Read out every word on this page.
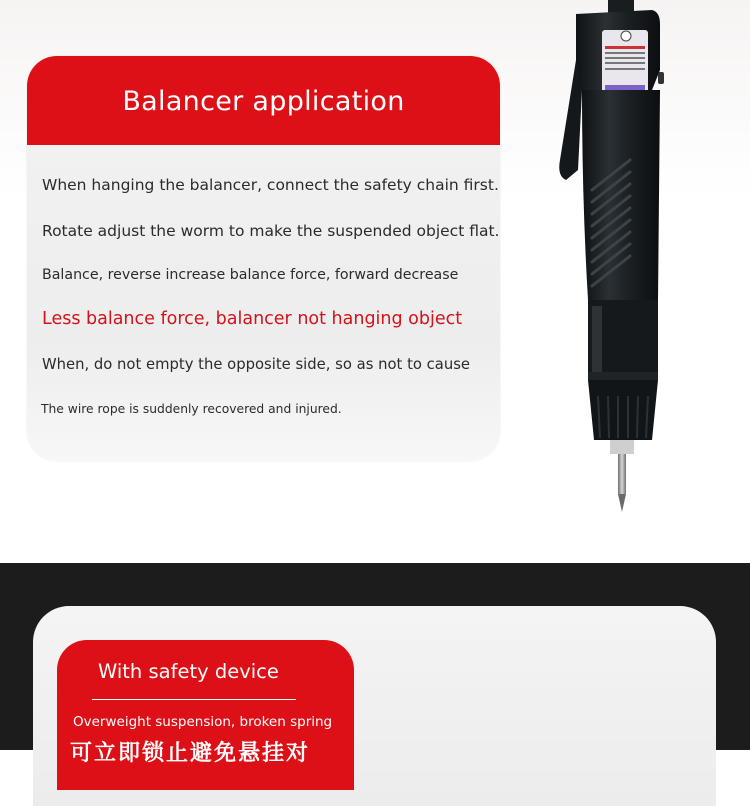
Balancer application
When hanging the balancer, connect the safety chain first.
Rotate adjust the worm to make the suspended object flat.
Balance, reverse increase balance force, forward decrease
Less balance force, balancer not hanging object
When, do not empty the opposite side, so as not to cause
The wire rope is suddenly recovered and injured.
With safety device
Overweight suspension, broken spring
可立即锁止避免悬挂对
